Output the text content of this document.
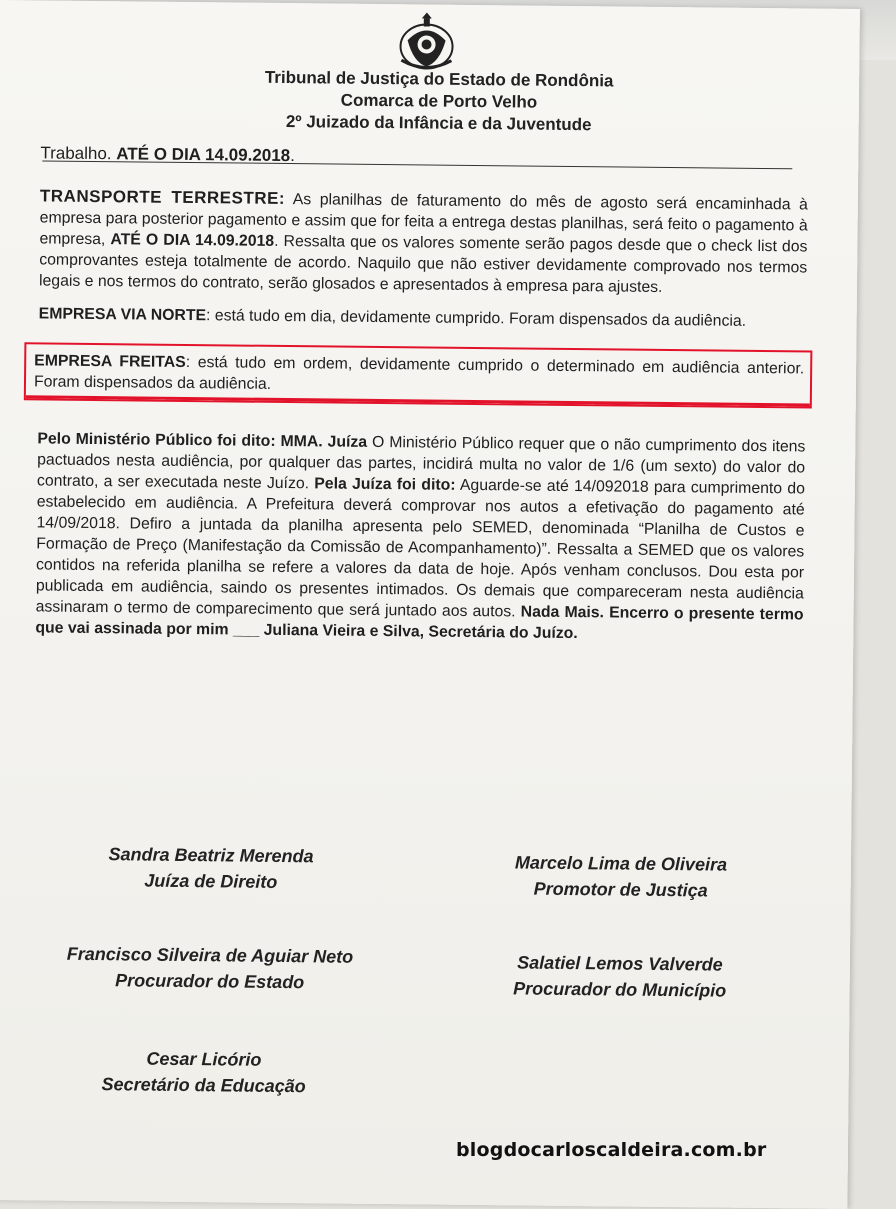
Tribunal de Justiça do Estado de Rondônia
Comarca de Porto Velho
2º Juizado da Infância e da Juventude

Trabalho. ATÉ O DIA 14.09.2018.

TRANSPORTE TERRESTRE: As planilhas de faturamento do mês de agosto será encaminhada à empresa para posterior pagamento e assim que for feita a entrega destas planilhas, será feito o pagamento à empresa, ATÉ O DIA 14.09.2018. Ressalta que os valores somente serão pagos desde que o check list dos comprovantes esteja totalmente de acordo. Naquilo que não estiver devidamente comprovado nos termos legais e nos termos do contrato, serão glosados e apresentados à empresa para ajustes.

EMPRESA VIA NORTE: está tudo em dia, devidamente cumprido. Foram dispensados da audiência.

EMPRESA FREITAS: está tudo em ordem, devidamente cumprido o determinado em audiência anterior. Foram dispensados da audiência.

Pelo Ministério Público foi dito: MMA. Juíza O Ministério Público requer que o não cumprimento dos itens pactuados nesta audiência, por qualquer das partes, incidirá multa no valor de 1/6 (um sexto) do valor do contrato, a ser executada neste Juízo. Pela Juíza foi dito: Aguarde-se até 14/092018 para cumprimento do estabelecido em audiência. A Prefeitura deverá comprovar nos autos a efetivação do pagamento até 14/09/2018. Defiro a juntada da planilha apresenta pelo SEMED, denominada “Planilha de Custos e Formação de Preço (Manifestação da Comissão de Acompanhamento)”. Ressalta a SEMED que os valores contidos na referida planilha se refere a valores da data de hoje. Após venham conclusos. Dou esta por publicada em audiência, saindo os presentes intimados. Os demais que compareceram nesta audiência assinaram o termo de comparecimento que será juntado aos autos. Nada Mais. Encerro o presente termo que vai assinada por mim ___ Juliana Vieira e Silva, Secretária do Juízo.

Sandra Beatriz Merenda
Juíza de Direito
Marcelo Lima de Oliveira
Promotor de Justiça
Francisco Silveira de Aguiar Neto
Procurador do Estado
Salatiel Lemos Valverde
Procurador do Município
Cesar Licório
Secretário da Educação
blogdocarloscaldeira.com.br
